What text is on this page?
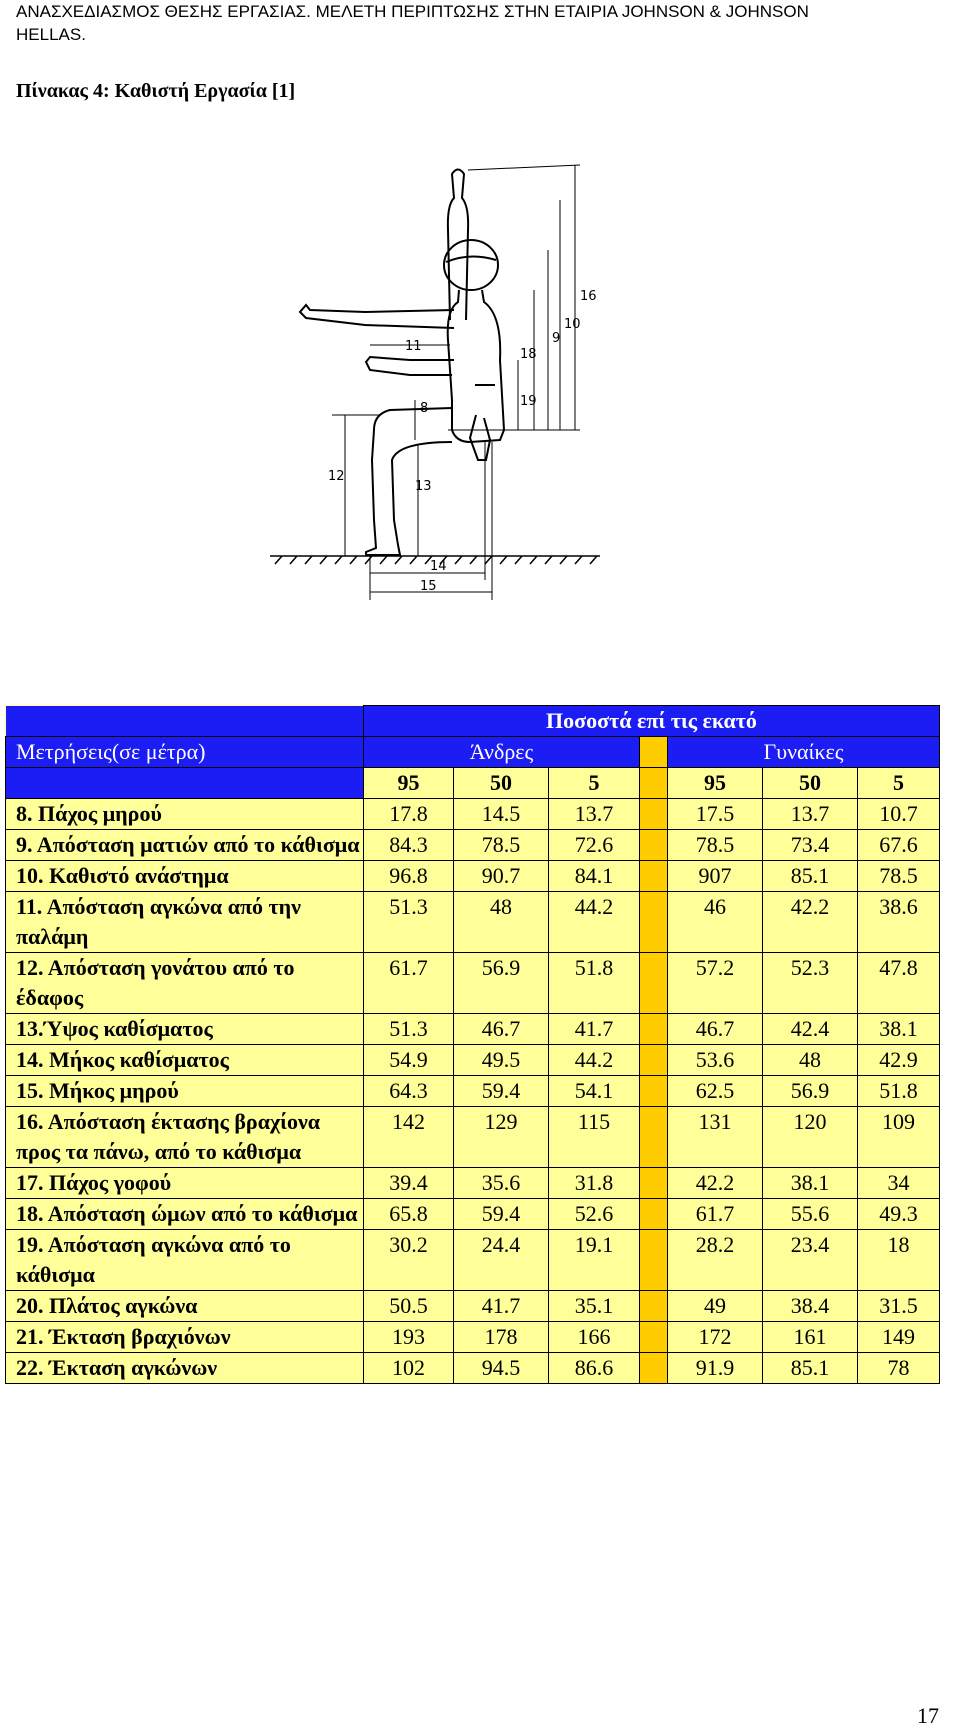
ΑΝΑΣΧΕΔΙΑΣΜΟΣ ΘΕΣΗΣ ΕΡΓΑΣΙΑΣ. ΜΕΛΕΤΗ ΠΕΡΙΠΤΩΣΗΣ ΣΤΗΝ ΕΤΑΙΡΙΑ JOHNSON & JOHNSON
HELLAS.
Πίνακας 4: Καθιστή Εργασία [1]
16
10
9
18
19
11
8
12
13
14
15
	Ποσοστά επί τις εκατό						
Μετρήσεις(σε μέτρα)	Άνδρες				Γυναίκες		
	95	50	5		95	50	5
8. Πάχος μηρού	17.8	14.5	13.7		17.5	13.7	10.7
9. Απόσταση ματιών από το κάθισμα	84.3	78.5	72.6		78.5	73.4	67.6
10. Καθιστό ανάστημα	96.8	90.7	84.1		907	85.1	78.5
11. Απόσταση αγκώνα από την παλάμη	51.3	48	44.2		46	42.2	38.6
12. Απόσταση γονάτου από το έδαφος	61.7	56.9	51.8		57.2	52.3	47.8
13.Ύψος καθίσματος	51.3	46.7	41.7		46.7	42.4	38.1
14. Μήκος καθίσματος	54.9	49.5	44.2		53.6	48	42.9
15. Μήκος μηρού	64.3	59.4	54.1		62.5	56.9	51.8
16. Απόσταση έκτασης βραχίονα προς τα πάνω, από το κάθισμα	142	129	115		131	120	109
17. Πάχος γοφού	39.4	35.6	31.8		42.2	38.1	34
18. Απόσταση ώμων από το κάθισμα	65.8	59.4	52.6		61.7	55.6	49.3
19. Απόσταση αγκώνα από το κάθισμα	30.2	24.4	19.1		28.2	23.4	18
20. Πλάτος αγκώνα	50.5	41.7	35.1		49	38.4	31.5
21. Έκταση βραχιόνων	193	178	166		172	161	149
22. Έκταση αγκώνων	102	94.5	86.6		91.9	85.1	78
17
